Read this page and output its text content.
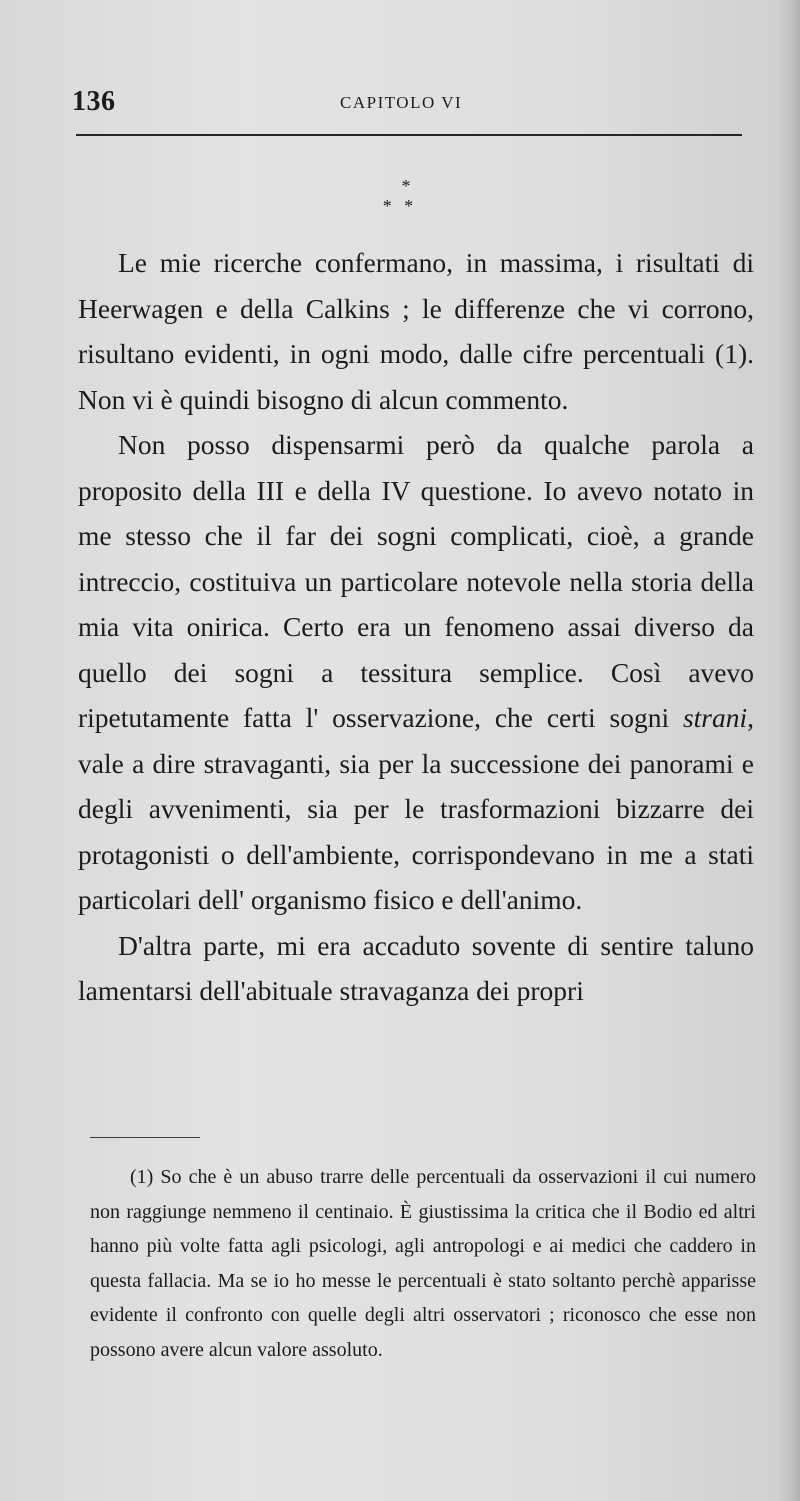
136	CAPITOLO VI
*
* *

Le mie ricerche confermano, in massima, i risultati di Heerwagen e della Calkins ; le differenze che vi corrono, risultano evidenti, in ogni modo, dalle cifre percentuali (1). Non vi è quindi bisogno di alcun commento.

Non posso dispensarmi però da qualche parola a proposito della III e della IV questione. Io avevo notato in me stesso che il far dei sogni complicati, cioè, a grande intreccio, costituiva un particolare notevole nella storia della mia vita onirica. Certo era un fenomeno assai diverso da quello dei sogni a tessitura semplice. Così avevo ripetutamente fatta l' osservazione, che certi sogni strani, vale a dire stravaganti, sia per la successione dei panorami e degli avvenimenti, sia per le trasformazioni bizzarre dei protagonisti o dell'ambiente, corrispondevano in me a stati particolari dell' organismo fisico e dell'animo.

D'altra parte, mi era accaduto sovente di sentire taluno lamentarsi dell'abituale stravaganza dei propri

(1) So che è un abuso trarre delle percentuali da osservazioni il cui numero non raggiunge nemmeno il centinaio. È giustissima la critica che il Bodio ed altri hanno più volte fatta agli psicologi, agli antropologi e ai medici che caddero in questa fallacia. Ma se io ho messe le percentuali è stato soltanto perchè apparisse evidente il confronto con quelle degli altri osservatori ; riconosco che esse non possono avere alcun valore assoluto.
